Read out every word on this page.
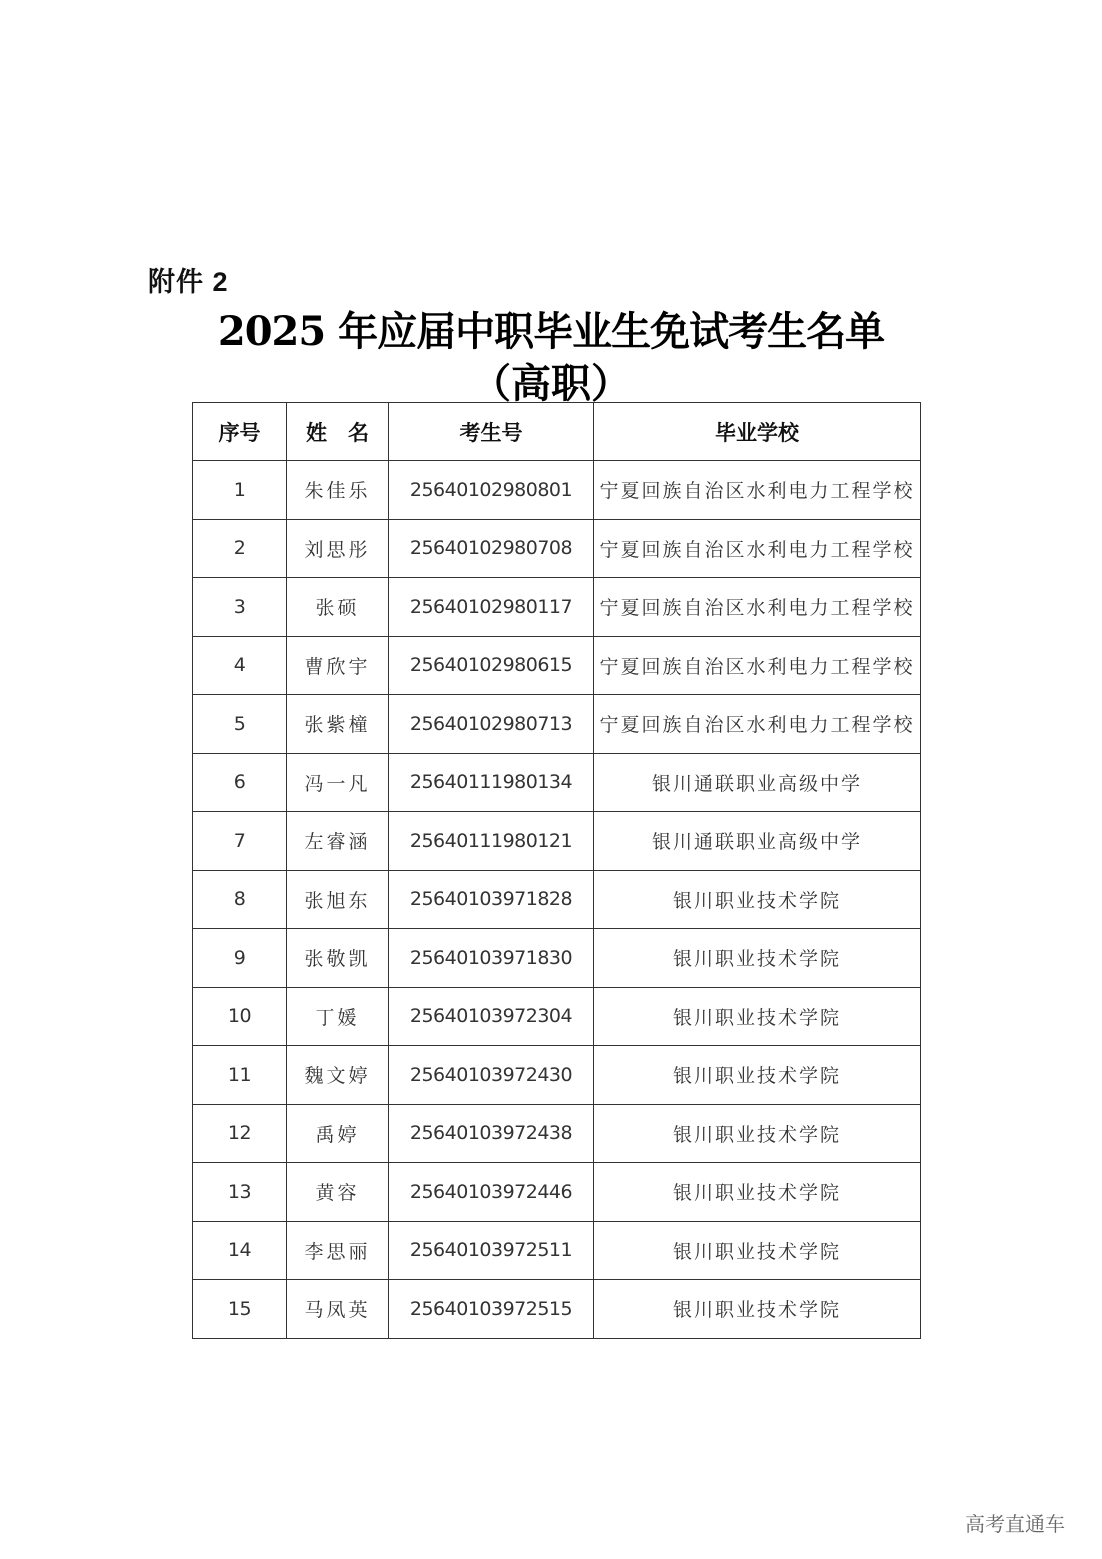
附件 2
2025 年应届中职毕业生免试考生名单
（高职）
序号	姓　名	考生号	毕业学校
1	朱佳乐	25640102980801	宁夏回族自治区水利电力工程学校
2	刘思彤	25640102980708	宁夏回族自治区水利电力工程学校
3	张硕	25640102980117	宁夏回族自治区水利电力工程学校
4	曹欣宇	25640102980615	宁夏回族自治区水利电力工程学校
5	张紫橦	25640102980713	宁夏回族自治区水利电力工程学校
6	冯一凡	25640111980134	银川通联职业高级中学
7	左睿涵	25640111980121	银川通联职业高级中学
8	张旭东	25640103971828	银川职业技术学院
9	张敬凯	25640103971830	银川职业技术学院
10	丁媛	25640103972304	银川职业技术学院
11	魏文婷	25640103972430	银川职业技术学院
12	禹婷	25640103972438	银川职业技术学院
13	黄容	25640103972446	银川职业技术学院
14	李思丽	25640103972511	银川职业技术学院
15	马凤英	25640103972515	银川职业技术学院
高考直通车
